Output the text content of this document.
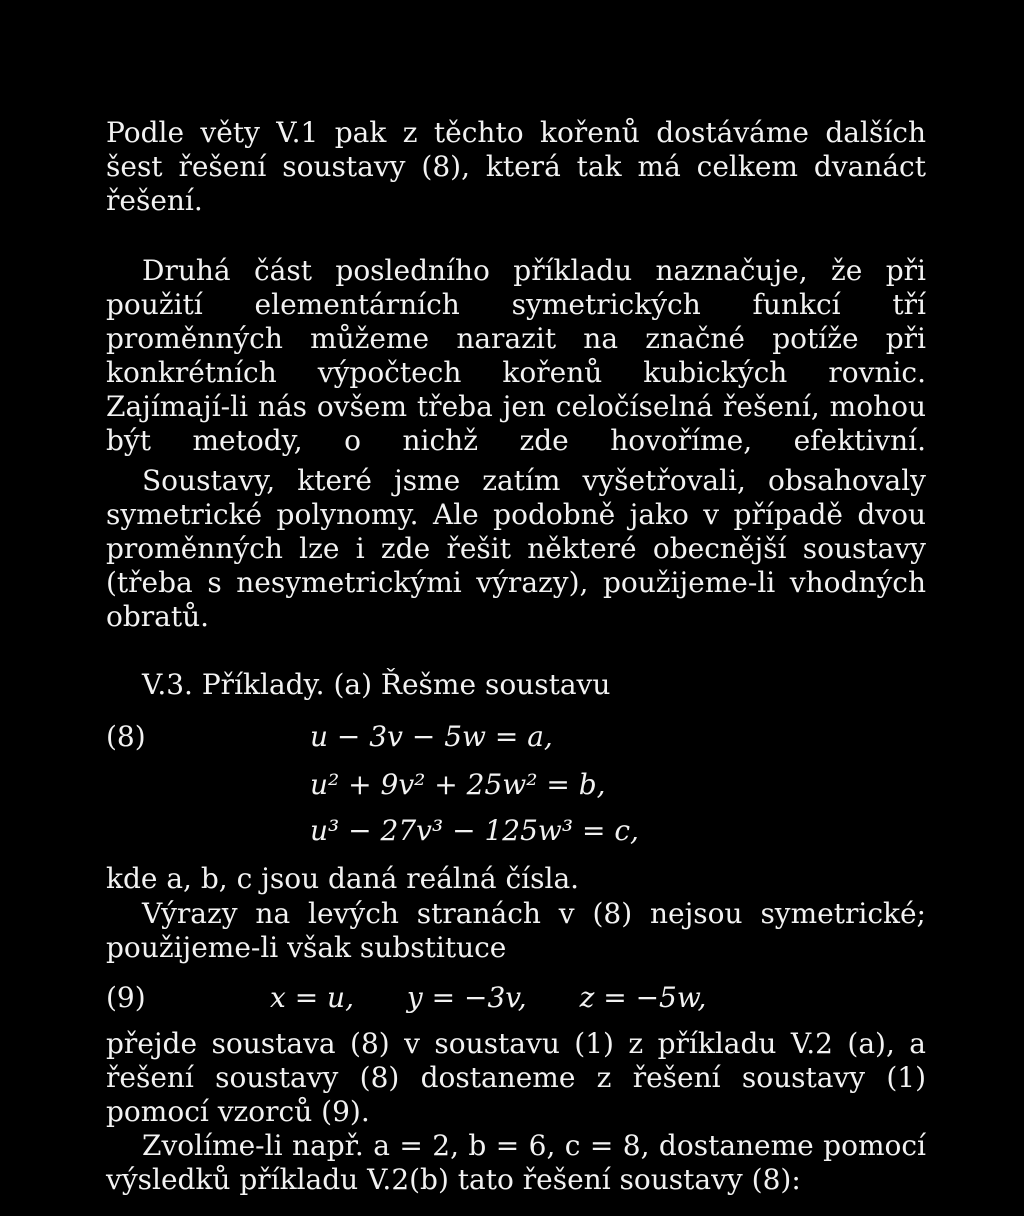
Podle věty V.1 pak z těchto kořenů dostáváme dalších šest řešení soustavy (8), která tak má celkem dvanáct řešení.

Druhá část posledního příkladu naznačuje, že při použití elementárních symetrických funkcí tří proměnných můžeme narazit na značné potíže při konkrétních výpočtech kořenů kubických rovnic. Zajímají-li nás ovšem třeba jen celočíselná řešení, mohou být metody, o nichž zde hovoříme, efektivní.

Soustavy, které jsme zatím vyšetřovali, obsahovaly symetrické polynomy. Ale podobně jako v případě dvou proměnných lze i zde řešit některé obecnější soustavy (třeba s nesymetrickými výrazy), použijeme-li vhodných obratů.

V.3. Příklady. (a) Řešme soustavu
(8)	u − 3v − 5w = a,
u² + 9v² + 25w² = b,
u³ − 27v³ − 125w³ = c,

kde a, b, c jsou daná reálná čísla.

Výrazy na levých stranách v (8) nejsou symetrické; použijeme-li však substituce

(9)	x = u, y = −3v, z = −5w,

přejde soustava (8) v soustavu (1) z příkladu V.2 (a), a řešení soustavy (8) dostaneme z řešení soustavy (1) pomocí vzorců (9).

Zvolíme-li např. a = 2, b = 6, c = 8, dostaneme pomocí výsledků příkladu V.2(b) tato řešení soustavy (8):
